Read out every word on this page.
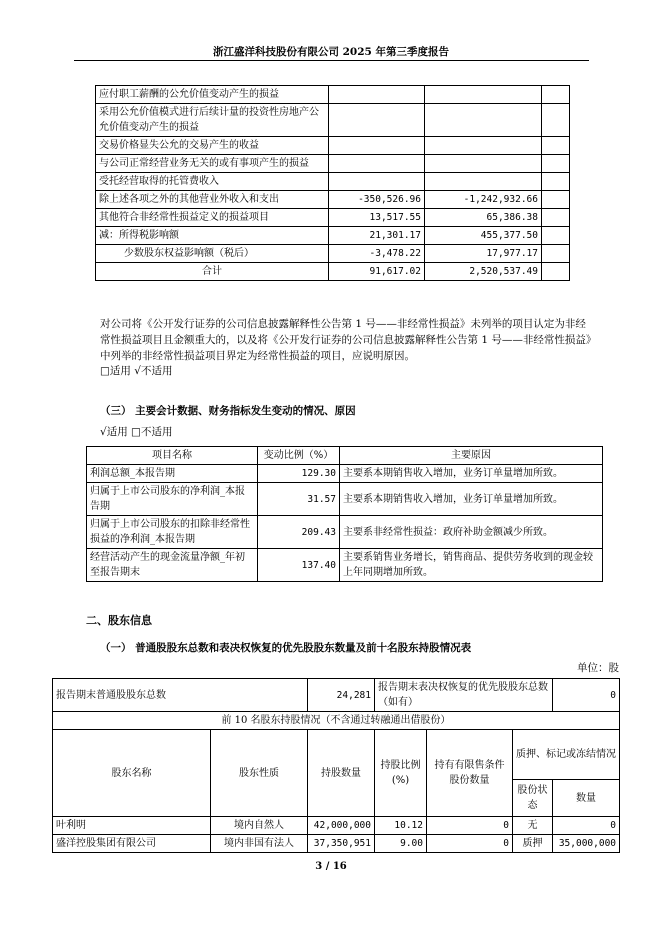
浙江盛洋科技股份有限公司 2025 年第三季度报告
应付职工薪酬的公允价值变动产生的损益			
采用公允价值模式进行后续计量的投资性房地产公允价值变动产生的损益			
交易价格显失公允的交易产生的收益			
与公司正常经营业务无关的或有事项产生的损益			
受托经营取得的托管费收入			
除上述各项之外的其他营业外收入和支出	-350,526.96	-1,242,932.66	
其他符合非经常性损益定义的损益项目	13,517.55	65,386.38	
减：所得税影响额	21,301.17	455,377.50	
少数股东权益影响额（税后）	-3,478.22	17,977.17	
合计	91,617.02	2,520,537.49	
对公司将《公开发行证券的公司信息披露解释性公告第 1 号——非经常性损益》未列举的项目认定为非经常性损益项目且金额重大的，以及将《公开发行证券的公司信息披露解释性公告第 1 号——非经常性损益》中列举的非经常性损益项目界定为经常性损益的项目，应说明原因。
□适用 √不适用
（三） 主要会计数据、财务指标发生变动的情况、原因
√适用 □不适用
项目名称	变动比例（%）	主要原因
利润总额_本报告期	129.30	主要系本期销售收入增加，业务订单量增加所致。
归属于上市公司股东的净利润_本报告期	31.57	主要系本期销售收入增加，业务订单量增加所致。
归属于上市公司股东的扣除非经常性损益的净利润_本报告期	209.43	主要系非经常性损益：政府补助金额减少所致。
经营活动产生的现金流量净额_年初至报告期末	137.40	主要系销售业务增长，销售商品、提供劳务收到的现金较上年同期增加所致。
二、股东信息
（一） 普通股股东总数和表决权恢复的优先股股东数量及前十名股东持股情况表
单位：股
报告期末普通股股东总数		24,281	报告期末表决权恢复的优先股股东总数（如有）			0
前 10 名股东持股情况（不含通过转融通出借股份）						
股东名称	股东性质	持股数量	持股比例(%)	持有有限售条件股份数量	质押、标记或冻结情况	
					股份状态	数量
叶利明	境内自然人	42,000,000	10.12	0	无	0
盛洋控股集团有限公司	境内非国有法人	37,350,951	9.00	0	质押	35,000,000
3 / 16
